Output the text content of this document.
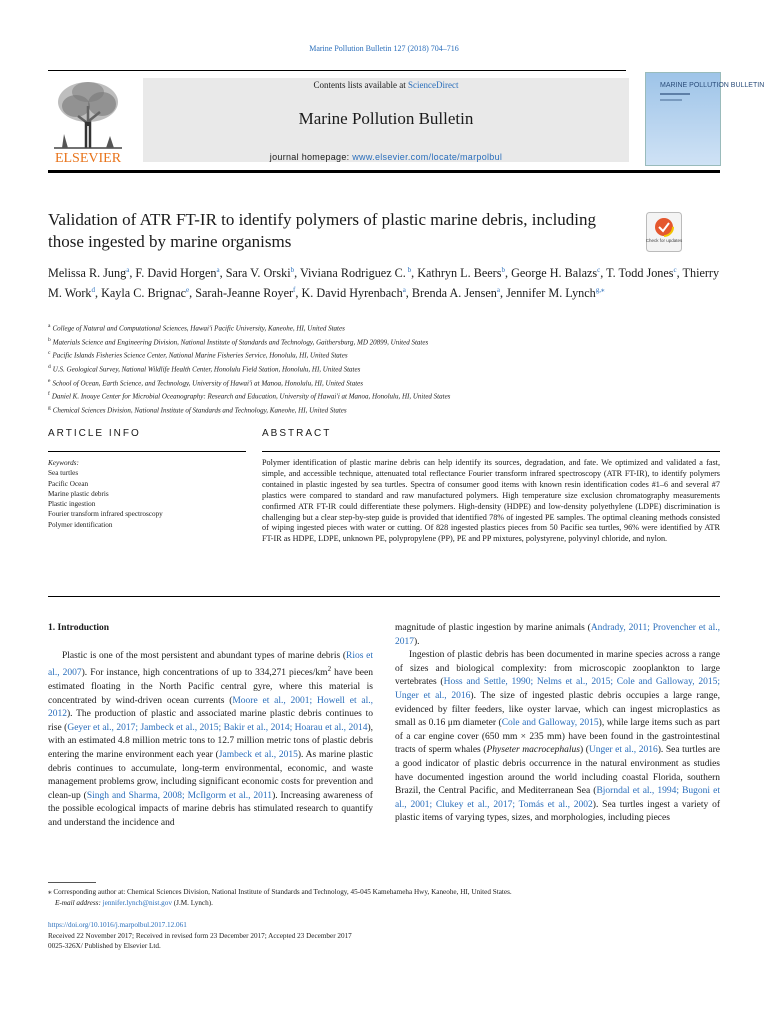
Marine Pollution Bulletin 127 (2018) 704–716
ELSEVIER
Contents lists available at ScienceDirect
Marine Pollution Bulletin
journal homepage: www.elsevier.com/locate/marpolbul
MARINE POLLUTION BULLETIN
Validation of ATR FT-IR to identify polymers of plastic marine debris, including those ingested by marine organisms	Check for updates
Melissa R. Jung$^a$, F. David Horgen$^a$, Sara V. Orski$^b$, Viviana Rodriguez C. $^b$, Kathryn L. Beers$^b$, George H. Balazs$^c$, T. Todd Jones$^c$, Thierry M. Work$^d$, Kayla C. Brignac$^e$, Sarah-Jeanne Royer$^f$, K. David Hyrenbach$^a$, Brenda A. Jensen$^a$, Jennifer M. Lynch$^{g,⁎}$
$^a$ College of Natural and Computational Sciences, Hawai'i Pacific University, Kaneohe, HI, United States
$^b$ Materials Science and Engineering Division, National Institute of Standards and Technology, Gaithersburg, MD 20899, United States
$^c$ Pacific Islands Fisheries Science Center, National Marine Fisheries Service, Honolulu, HI, United States
$^d$ U.S. Geological Survey, National Wildlife Health Center, Honolulu Field Station, Honolulu, HI, United States
$^e$ School of Ocean, Earth Science, and Technology, University of Hawai'i at Manoa, Honolulu, HI, United States
$^f$ Daniel K. Inouye Center for Microbial Oceanography: Research and Education, University of Hawai'i at Manoa, Honolulu, HI, United States
$^g$ Chemical Sciences Division, National Institute of Standards and Technology, Kaneohe, HI, United States
ARTICLE INFO	ABSTRACT
Keywords:
Sea turtles
Pacific Ocean
Marine plastic debris
Plastic ingestion
Fourier transform infrared spectroscopy
Polymer identification
Polymer identification of plastic marine debris can help identify its sources, degradation, and fate. We optimized and validated a fast, simple, and accessible technique, attenuated total reflectance Fourier transform infrared spectroscopy (ATR FT-IR), to identify polymers contained in plastic ingested by sea turtles. Spectra of consumer good items with known resin identification codes #1–6 and several #7 plastics were compared to standard and raw manufactured polymers. High temperature size exclusion chromatography measurements confirmed ATR FT-IR could differentiate these polymers. High-density (HDPE) and low-density polyethylene (LDPE) discrimination is challenging but a clear step-by-step guide is provided that identified 78% of ingested PE samples. The optimal cleaning methods consisted of wiping ingested pieces with water or cutting. Of 828 ingested plastics pieces from 50 Pacific sea turtles, 96% were identified by ATR FT-IR as HDPE, LDPE, unknown PE, polypropylene (PP), PE and PP mixtures, polystyrene, polyvinyl chloride, and nylon.
1. Introduction

Plastic is one of the most persistent and abundant types of marine debris (Rios et al., 2007). For instance, high concentrations of up to 334,271 pieces/$km^2$ have been estimated floating in the North Pacific central gyre, where this material is concentrated by wind-driven ocean currents (Moore et al., 2001; Howell et al., 2012). The production of plastic and associated marine plastic debris continues to rise (Geyer et al., 2017; Jambeck et al., 2015; Bakir et al., 2014; Hoarau et al., 2014), with an estimated 4.8 million metric tons to 12.7 million metric tons of plastic debris entering the marine environment each year (Jambeck et al., 2015). As marine plastic debris continues to accumulate, long-term environmental, economic, and waste management problems grow, including significant economic costs for prevention and clean-up (Singh and Sharma, 2008; McIlgorm et al., 2011). Increasing awareness of the possible ecological impacts of marine debris has stimulated research to quantify and understand the incidence and

magnitude of plastic ingestion by marine animals (Andrady, 2011; Provencher et al., 2017).

Ingestion of plastic debris has been documented in marine species across a range of sizes and biological complexity: from microscopic zooplankton to large vertebrates (Hoss and Settle, 1990; Nelms et al., 2015; Cole and Galloway, 2015; Unger et al., 2016). The size of ingested plastic debris occupies a large range, evidenced by filter feeders, like oyster larvae, which can ingest microplastics as small as 0.16 μm diameter (Cole and Galloway, 2015), while large items such as part of a car engine cover (650 mm × 235 mm) have been found in the gastrointestinal tracts of sperm whales (Physeter macrocephalus) (Unger et al., 2016). Sea turtles are a good indicator of plastic debris occurrence in the natural environment as studies have documented ingestion around the world including coastal Florida, southern Brazil, the Central Pacific, and Mediterranean Sea (Bjorndal et al., 1994; Bugoni et al., 2001; Clukey et al., 2017; Tomás et al., 2002). Sea turtles ingest a variety of plastic items of varying types, sizes, and morphologies, including pieces

⁎ Corresponding author at: Chemical Sciences Division, National Institute of Standards and Technology, 45-045 Kamehameha Hwy, Kaneohe, HI, United States.
E-mail address: jennifer.lynch@nist.gov (J.M. Lynch).
https://doi.org/10.1016/j.marpolbul.2017.12.061
Received 22 November 2017; Received in revised form 23 December 2017; Accepted 23 December 2017
0025-326X/ Published by Elsevier Ltd.
